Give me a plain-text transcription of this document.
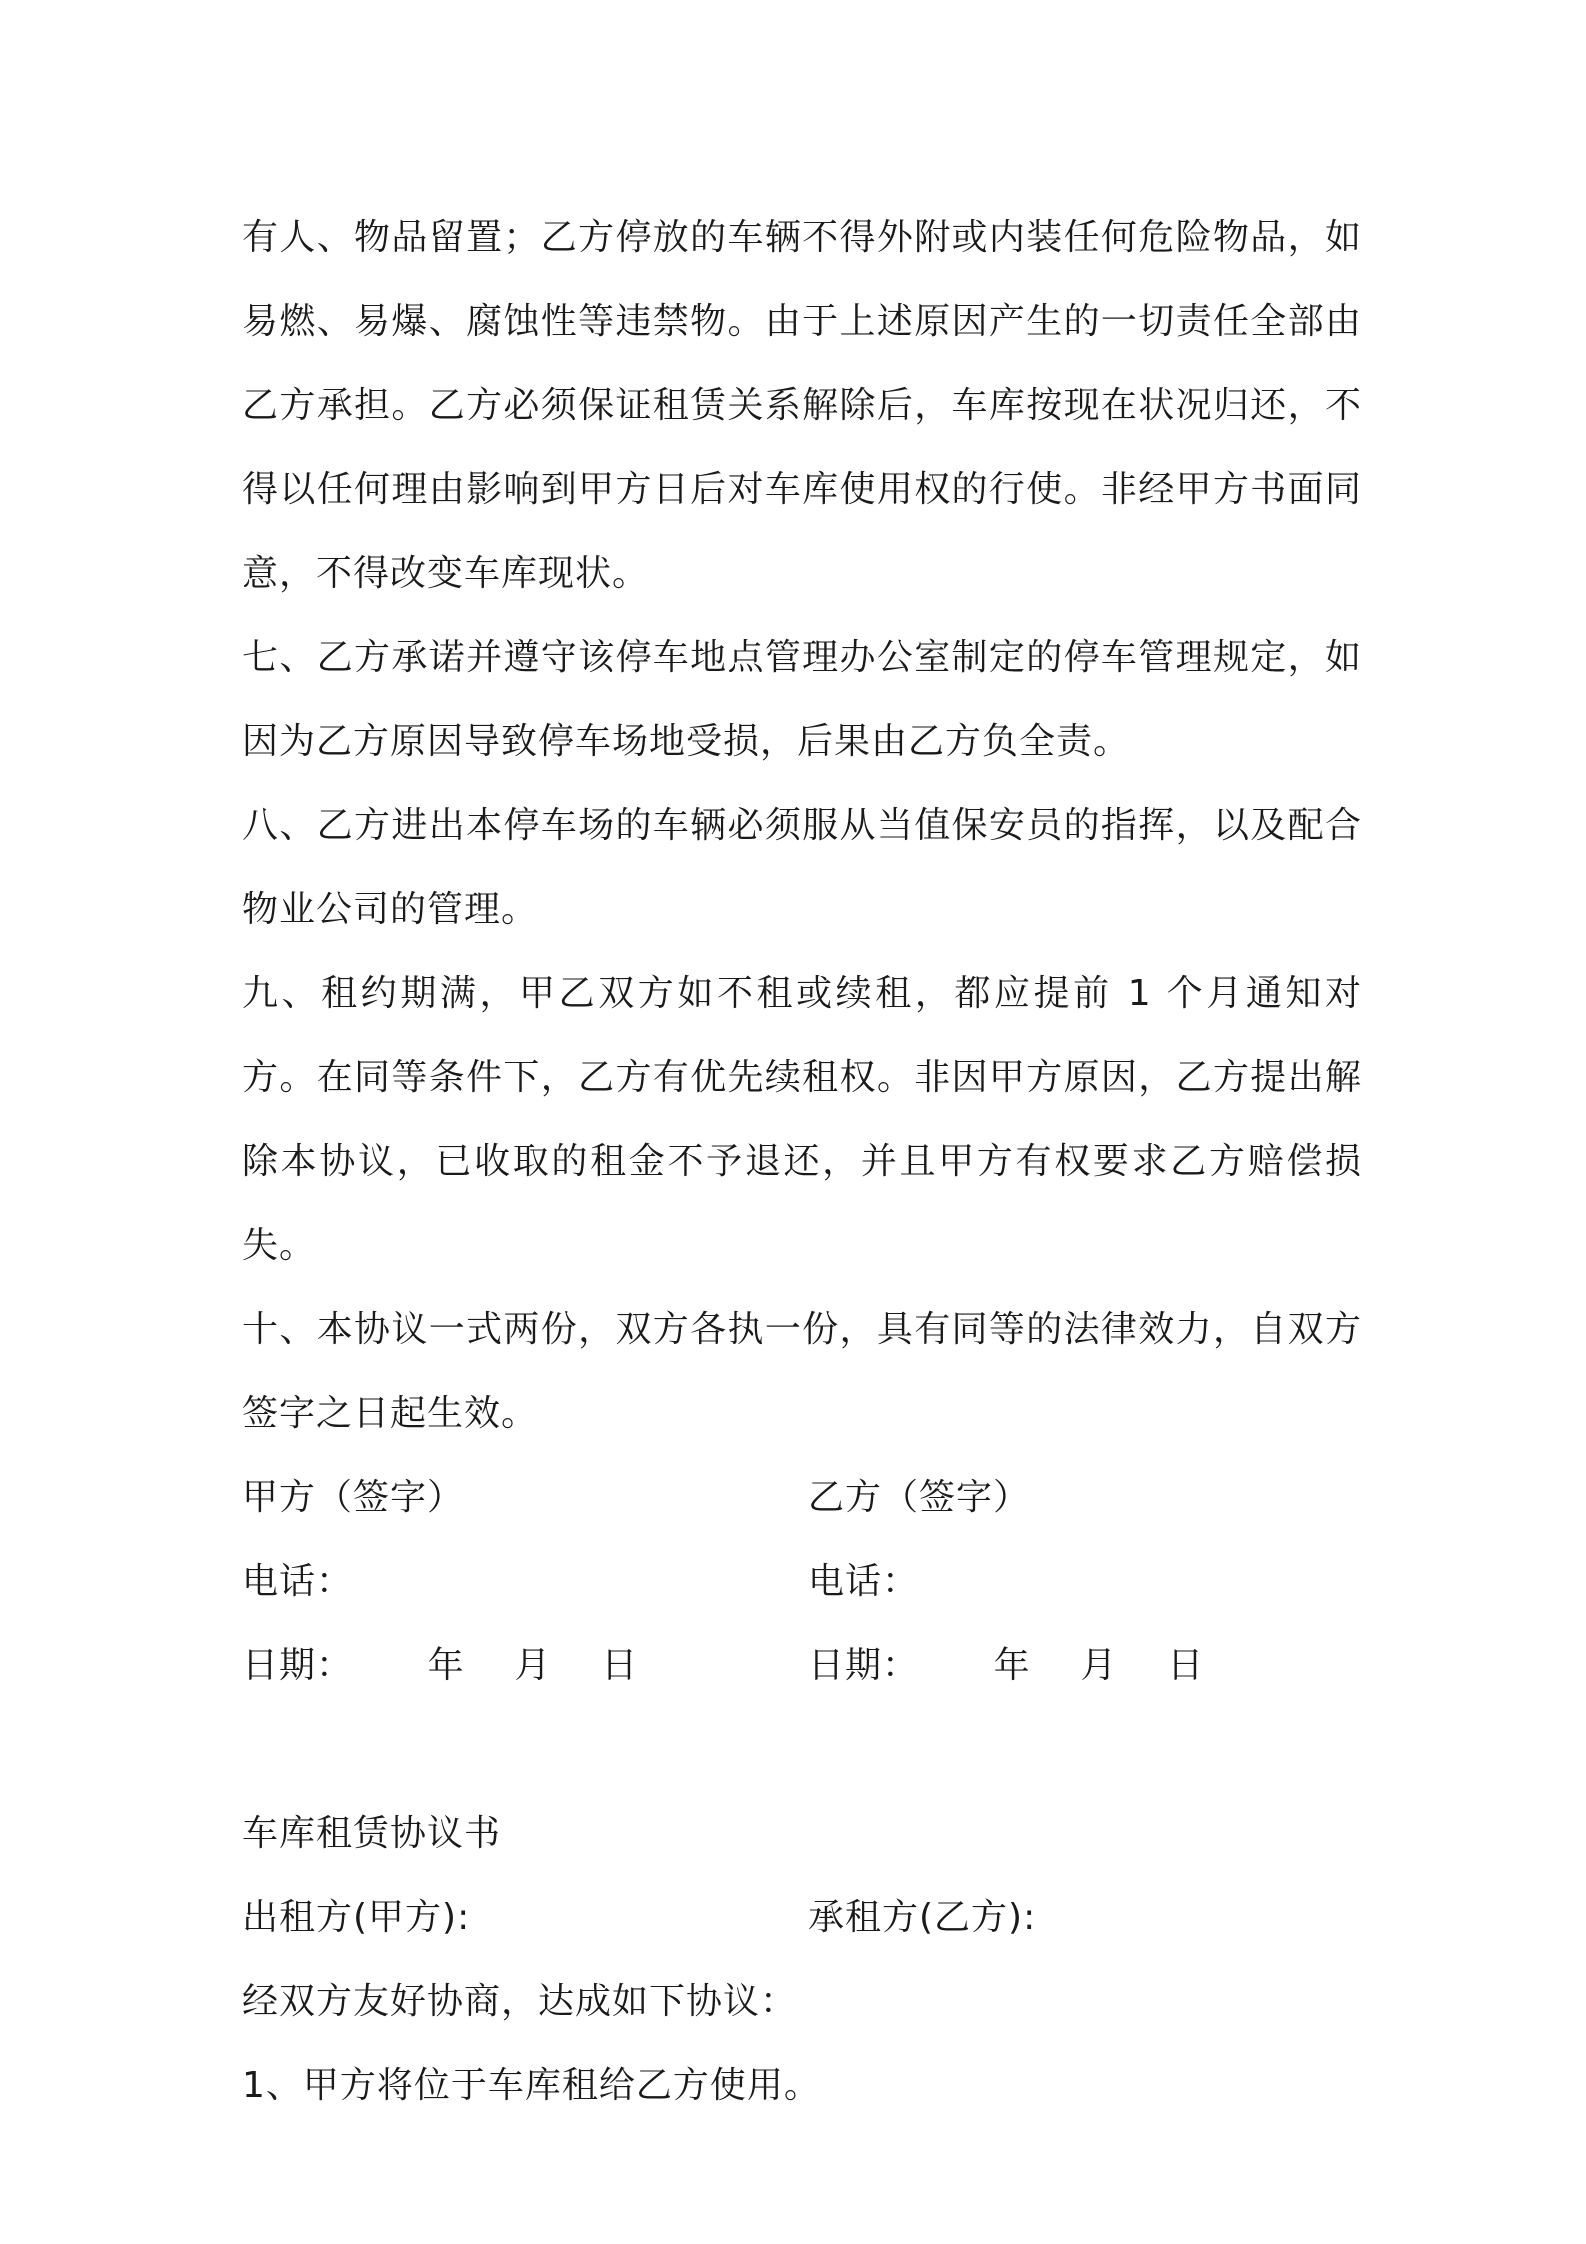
有人、物品留置；乙方停放的车辆不得外附或内装任何危险物品，如易燃、易爆、腐蚀性等违禁物。由于上述原因产生的一切责任全部由乙方承担。乙方必须保证租赁关系解除后，车库按现在状况归还，不得以任何理由影响到甲方日后对车库使用权的行使。非经甲方书面同意，不得改变车库现状。

七、乙方承诺并遵守该停车地点管理办公室制定的停车管理规定，如因为乙方原因导致停车场地受损，后果由乙方负全责。

八、乙方进出本停车场的车辆必须服从当值保安员的指挥，以及配合物业公司的管理。

九、租约期满，甲乙双方如不租或续租，都应提前 1 个月通知对方。在同等条件下，乙方有优先续租权。非因甲方原因，乙方提出解除本协议，已收取的租金不予退还，并且甲方有权要求乙方赔偿损失。

十、本协议一式两份，双方各执一份，具有同等的法律效力，自双方签字之日起生效。

甲方（签字）	乙方（签字）
电话：	电话：
日期：      年    月    日	日期：      年    月    日

车库租赁协议书

出租方(甲方):	承租方(乙方):

经双方友好协商，达成如下协议：

1、甲方将位于车库租给乙方使用。
